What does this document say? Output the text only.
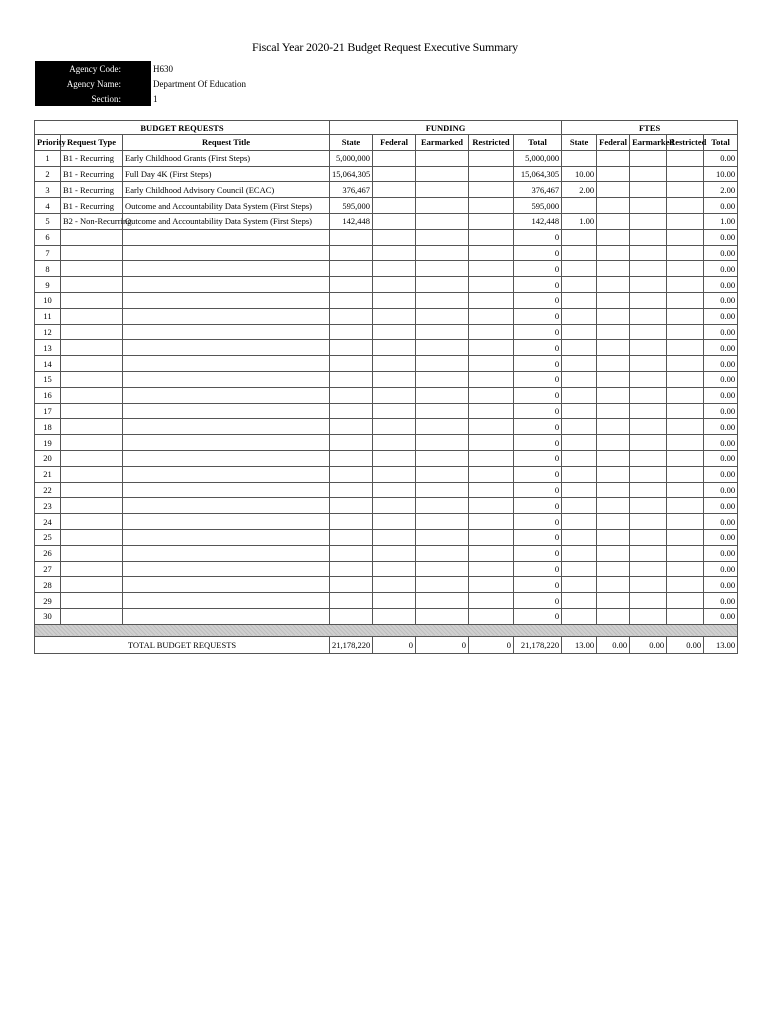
Fiscal Year 2020-21 Budget Request Executive Summary
Agency Code:	H630
Agency Name:	Department Of Education
Section:	1
BUDGET REQUESTS			FUNDING					FTES				
Priority	Request Type	Request Title	State	Federal	Earmarked	Restricted	Total	State	Federal	Earmarked	Restricted	Total
1	B1 - Recurring	Early Childhood Grants (First Steps)	5,000,000				5,000,000					0.00
2	B1 - Recurring	Full Day 4K (First Steps)	15,064,305				15,064,305	10.00				10.00
3	B1 - Recurring	Early Childhood Advisory Council (ECAC)	376,467				376,467	2.00				2.00
4	B1 - Recurring	Outcome and Accountability Data System (First Steps)	595,000				595,000					0.00
5	B2 - Non-Recurring	Outcome and Accountability Data System (First Steps)	142,448				142,448	1.00				1.00
6							0					0.00
7							0					0.00
8							0					0.00
9							0					0.00
10							0					0.00
11							0					0.00
12							0					0.00
13							0					0.00
14							0					0.00
15							0					0.00
16							0					0.00
17							0					0.00
18							0					0.00
19							0					0.00
20							0					0.00
21							0					0.00
22							0					0.00
23							0					0.00
24							0					0.00
25							0					0.00
26							0					0.00
27							0					0.00
28							0					0.00
29							0					0.00
30							0					0.00

TOTAL BUDGET REQUESTS			21,178,220	0	0	0	21,178,220	13.00	0.00	0.00	0.00	13.00
